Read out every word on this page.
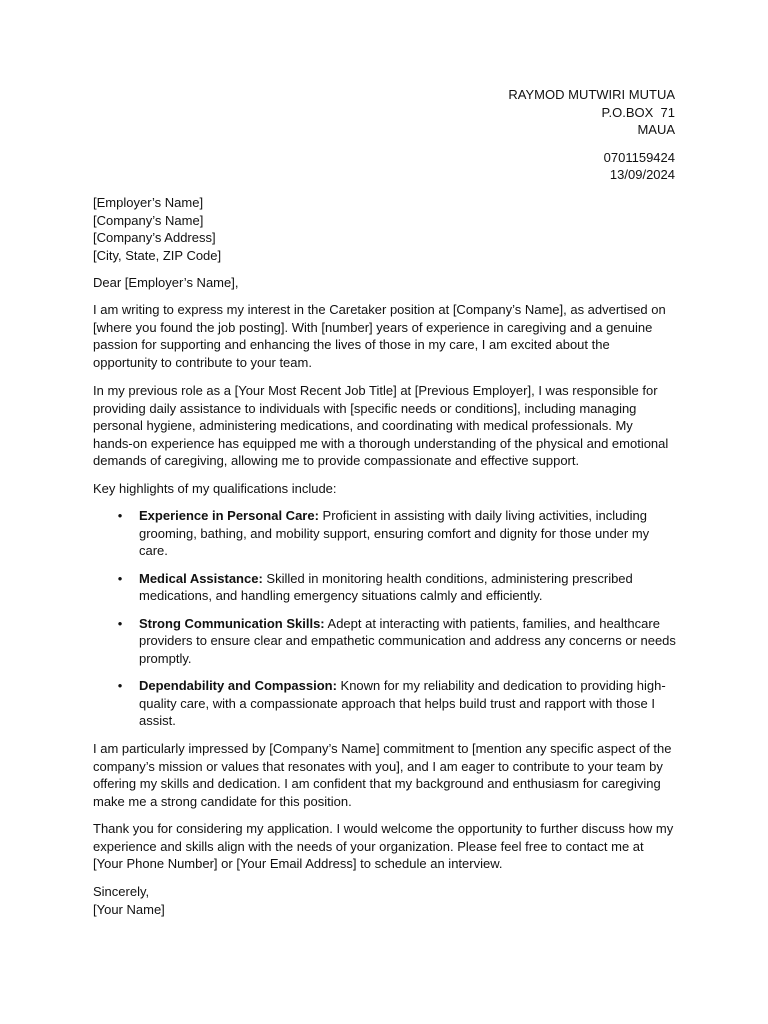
RAYMOD MUTWIRI MUTUA
P.O.BOX  71
MAUA
0701159424
13/09/2024
[Employer’s Name]
[Company’s Name]
[Company’s Address]
[City, State, ZIP Code]

Dear [Employer’s Name],

I am writing to express my interest in the Caretaker position at [Company’s Name], as advertised on [where you found the job posting]. With [number] years of experience in caregiving and a genuine passion for supporting and enhancing the lives of those in my care, I am excited about the opportunity to contribute to your team.

In my previous role as a [Your Most Recent Job Title] at [Previous Employer], I was responsible for providing daily assistance to individuals with [specific needs or conditions], including managing personal hygiene, administering medications, and coordinating with medical professionals. My hands-on experience has equipped me with a thorough understanding of the physical and emotional demands of caregiving, allowing me to provide compassionate and effective support.

Key highlights of my qualifications include:

• Experience in Personal Care: Proficient in assisting with daily living activities, including grooming, bathing, and mobility support, ensuring comfort and dignity for those under my care.
• Medical Assistance: Skilled in monitoring health conditions, administering prescribed medications, and handling emergency situations calmly and efficiently.
• Strong Communication Skills: Adept at interacting with patients, families, and healthcare providers to ensure clear and empathetic communication and address any concerns or needs promptly.
• Dependability and Compassion: Known for my reliability and dedication to providing high-quality care, with a compassionate approach that helps build trust and rapport with those I assist.

I am particularly impressed by [Company’s Name] commitment to [mention any specific aspect of the company’s mission or values that resonates with you], and I am eager to contribute to your team by offering my skills and dedication. I am confident that my background and enthusiasm for caregiving make me a strong candidate for this position.

Thank you for considering my application. I would welcome the opportunity to further discuss how my experience and skills align with the needs of your organization. Please feel free to contact me at [Your Phone Number] or [Your Email Address] to schedule an interview.

Sincerely,
[Your Name]
